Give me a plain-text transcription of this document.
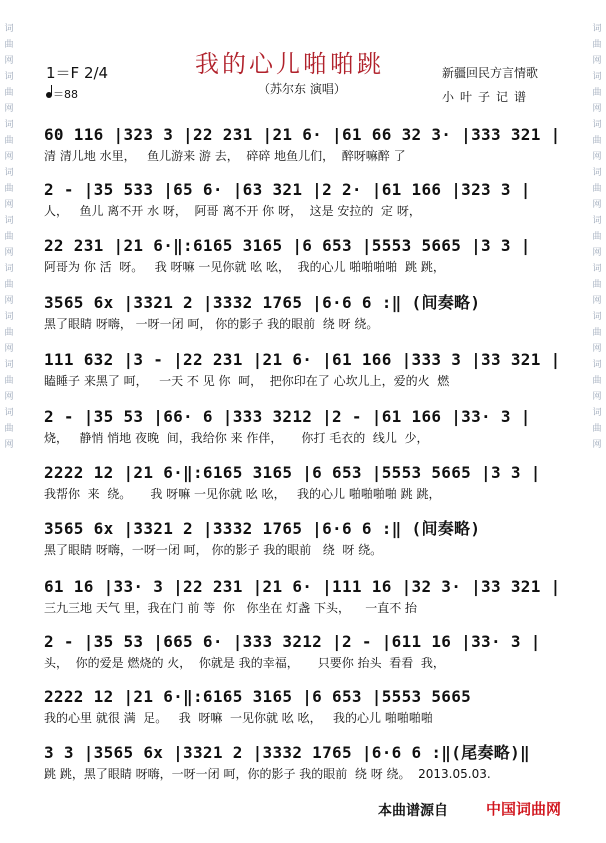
词
曲
网
词
曲
网
词
曲
网
词
曲
网
词
曲
网
词
曲
网
词
曲
网
词
曲
网
词
曲
网
词
曲
网
词
曲
网
词
曲
网
词
曲
网
词
曲
网
词
曲
网
词
曲
网
词
曲
网
词
曲
网
1＝F 2/4
＝88
我的心儿啪啪跳
（苏尔东 演唱）
新疆回民方言情歌
小叶子记谱
60 116 |323 3 |22 231 |21 6· |61 66 32 3· |333 321 |
清 清儿地 水里，   鱼儿游来 游 去，  碎碎 地鱼儿们，  醉呀嘛醉 了
2 - |35 533 |65 6· |63 321 |2 2· |61 166 |323 3 |
人，   鱼儿 离不开 水 呀，  阿哥 离不开 你 呀，  这是 安拉的  定 呀，
22 231 |21 6·‖:6165 3165 |6 653 |5553 5665 |3 3 |
阿哥为 你 活  呀。   我 呀嘛 一见你就 吆 吆，  我的心儿 啪啪啪啪  跳 跳，
3565 6x |3321 2 |3332 1765 |6·6 6 :‖ (间奏略)
黑了眼睛 呀嗨， 一呀一闭 呵， 你的影子 我的眼前  绕 呀 绕。
111 632 |3 - |22 231 |21 6· |61 166 |333 3 |33 321 |
瞌睡子 来黑了 呵，   一天 不 见 你  呵，  把你印在了 心坎儿上，爱的火  燃
2 - |35 53 |66· 6 |333 3212 |2 - |61 166 |33· 3 |
烧，   静悄 悄地 夜晚  间，我给你 来 作伴，     你打 毛衣的  线儿  少，
2222 12 |21 6·‖:6165 3165 |6 653 |5553 5665 |3 3 |
我帮你  来  绕。     我 呀嘛 一见你就 吆 吆，   我的心儿 啪啪啪啪 跳 跳，
3565 6x |3321 2 |3332 1765 |6·6 6 :‖ (间奏略)
黑了眼睛 呀嗨，一呀一闭 呵， 你的影子 我的眼前   绕  呀 绕。
61 16 |33· 3 |22 231 |21 6· |111 16 |32 3· |33 321 |
三九三地 天气 里，我在门 前 等  你   你坐在 灯盏 下头，    一直不 抬
2 - |35 53 |665 6· |333 3212 |2 - |611 16 |33· 3 |
头，  你的爱是 燃烧的 火，  你就是 我的幸福，     只要你 抬头  看看  我，
2222 12 |21 6·‖:6165 3165 |6 653 |5553 5665
我的心里 就很 满  足。   我  呀嘛  一见你就 吆 吆，   我的心儿 啪啪啪啪
3 3 |3565 6x |3321 2 |3332 1765 |6·6 6 :‖(尾奏略)‖
跳 跳，黑了眼睛 呀嗨，一呀一闭 呵，你的影子 我的眼前  绕 呀 绕。  2013.05.03.
本曲谱源自	中国词曲网
